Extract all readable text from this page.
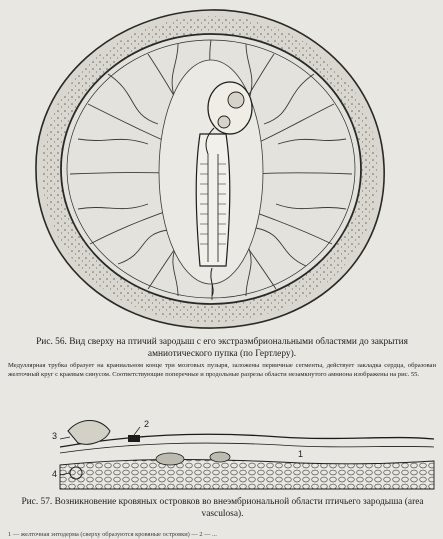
Рис. 56. Вид сверху на птичий зародыш с его экстраэмбриональными областями до закрытия амниотического пупка (по Гертлеру).
Медуллярная трубка образует на краниальном конце три мозговых пузыря, заложены первичные сегменты, действует закладка сердца, образован желточный круг с краевым синусом. Соответствующие поперечные и продольные разрезы области незамкнутого амниона изображены на рис. 55.
1
2
3
4
Рис. 57. Возникновение кровяных островков во внеэмбриональной области птичьего зародыша (area vasculosa).
1 — желточная энтодерма (сверху образуются кровяные островки) — 2 — ...
